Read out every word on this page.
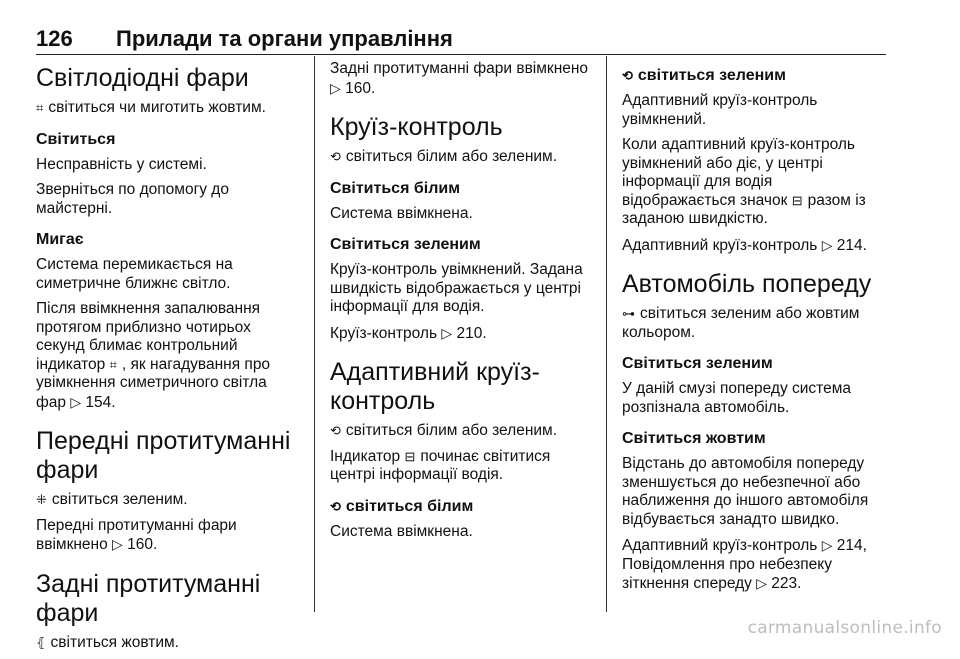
126 Прилади та органи управління
Світлодіодні фари

⌗ світиться чи миготить жовтим.

Світиться

Несправність у системі.

Зверніться по допомогу до майстерні.

Мигає

Система перемикається на симетричне ближнє світло.

Після ввімкнення запалювання протягом приблизно чотирьох секунд блимає контрольний індикатор ⌗ , як нагадування про увімкнення симетричного світла фар ▷ 154.

Передні протитуманні фари

⁜ світиться зеленим.

Передні протитуманні фари ввімкнено ▷ 160.

Задні протитуманні фари

⦃ світиться жовтим.

Задні протитуманні фари ввімкнено ▷ 160.

Круїз-контроль

⟲ світиться білим або зеленим.

Світиться білим

Система ввімкнена.

Світиться зеленим

Круїз-контроль увімкнений. Задана швидкість відображається у центрі інформації для водія.

Круїз-контроль ▷ 210.

Адаптивний круїз-контроль

⟲ світиться білим або зеленим.

Індикатор ⊟ починає світитися центрі інформації водія.

⟲ світиться білим

Система ввімкнена.

⟲ світиться зеленим

Адаптивний круїз-контроль увімкнений.

Коли адаптивний круїз-контроль увімкнений або діє, у центрі інформації для водія відображається значок ⊟ разом із заданою швидкістю.

Адаптивний круїз-контроль ▷ 214.

Автомобіль попереду

⊶ світиться зеленим або жовтим кольором.

Світиться зеленим

У даній смузі попереду система розпізнала автомобіль.

Світиться жовтим

Відстань до автомобіля попереду зменшується до небезпечної або наближення до іншого автомобіля відбувається занадто швидко.

Адаптивний круїз-контроль ▷ 214, Повідомлення про небезпеку зіткнення спереду ▷ 223.

carmanualsonline.info
